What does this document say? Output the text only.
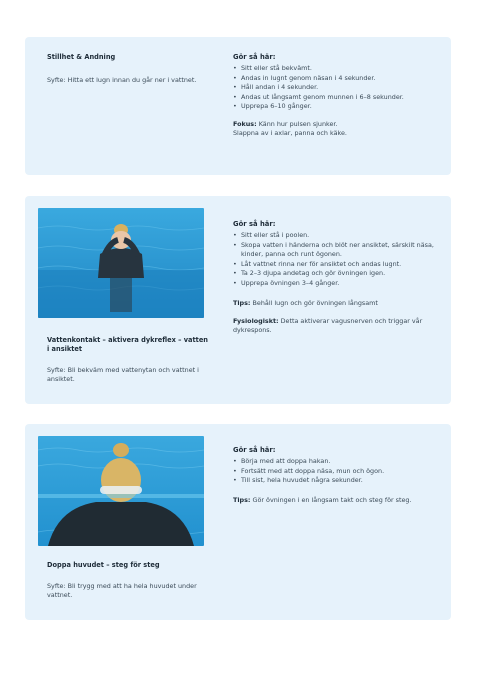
Stillhet & Andning

Syfte: Hitta ett lugn innan du går ner i vattnet.

Gör så här:

• Sitt eller stå bekvämt.
• Andas in lugnt genom näsan i 4 sekunder.
• Håll andan i 4 sekunder.
• Andas ut långsamt genom munnen i 6–8 sekunder.
• Upprepa 6–10 gånger.

Fokus: Känn hur pulsen sjunker.
Slappna av i axlar, panna och käke.

Vattenkontakt – aktivera dykreflex – vatten i ansiktet

Syfte: Bli bekväm med vattenytan och vattnet i ansiktet.

Gör så här:

• Sitt eller stå i poolen.
• Skopa vatten i händerna och blöt ner ansiktet, särskilt näsa, kinder, panna och runt ögonen.
• Låt vattnet rinna ner för ansiktet och andas lugnt.
• Ta 2–3 djupa andetag och gör övningen igen.
• Upprepa övningen 3–4 gånger.

Tips: Behåll lugn och gör övningen långsamt

Fysiologiskt: Detta aktiverar vagusnerven och triggar vår dykrespons.

Doppa huvudet – steg för steg

Syfte: Bli trygg med att ha hela huvudet under vattnet.

Gör så här:

• Börja med att doppa hakan.
• Fortsätt med att doppa näsa, mun och ögon.
• Till sist, hela huvudet några sekunder.

Tips: Gör övningen i en långsam takt och steg för steg.
